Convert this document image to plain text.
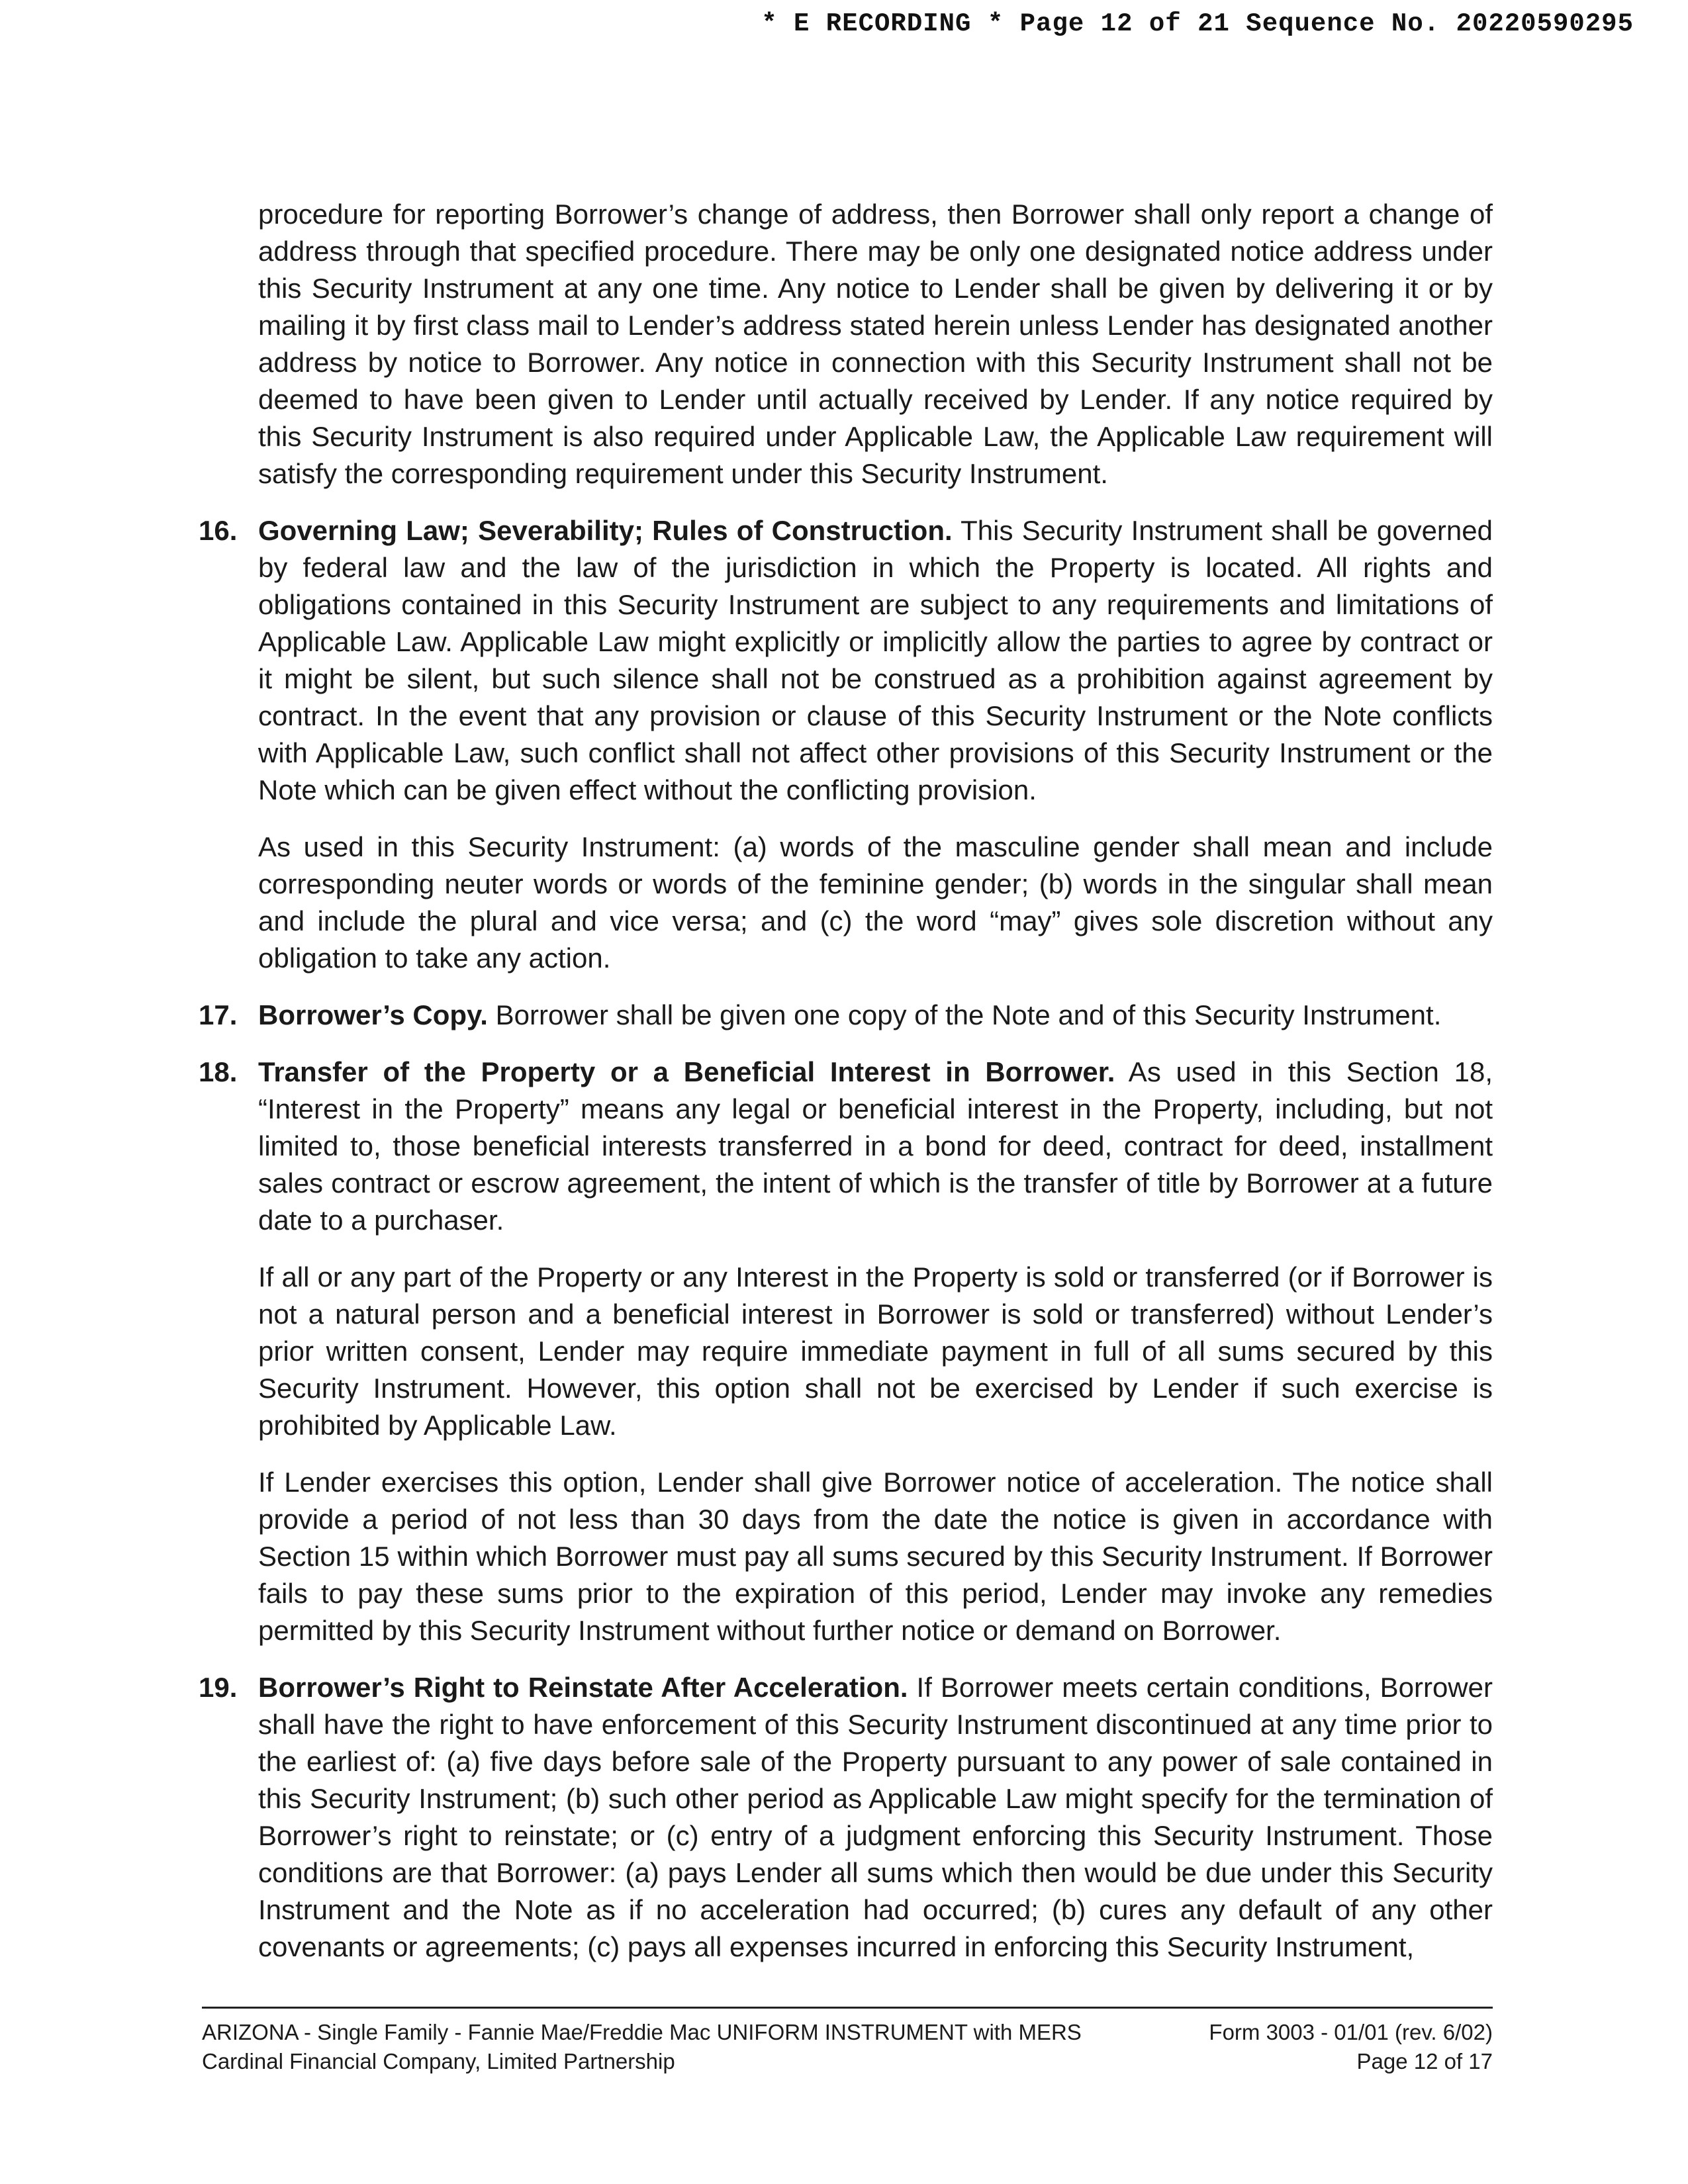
* E RECORDING * Page 12 of 21 Sequence No. 20220590295

procedure for reporting Borrower’s change of address, then Borrower shall only report a change of address through that specified procedure. There may be only one designated notice address under this Security Instrument at any one time. Any notice to Lender shall be given by delivering it or by mailing it by first class mail to Lender’s address stated herein unless Lender has designated another address by notice to Borrower. Any notice in connection with this Security Instrument shall not be deemed to have been given to Lender until actually received by Lender. If any notice required by this Security Instrument is also required under Applicable Law, the Applicable Law requirement will satisfy the corresponding requirement under this Security Instrument.

16. Governing Law; Severability; Rules of Construction. This Security Instrument shall be governed by federal law and the law of the jurisdiction in which the Property is located. All rights and obligations contained in this Security Instrument are subject to any requirements and limitations of Applicable Law. Applicable Law might explicitly or implicitly allow the parties to agree by contract or it might be silent, but such silence shall not be construed as a prohibition against agreement by contract. In the event that any provision or clause of this Security Instrument or the Note conflicts with Applicable Law, such conflict shall not affect other provisions of this Security Instrument or the Note which can be given effect without the conflicting provision.

As used in this Security Instrument: (a) words of the masculine gender shall mean and include corresponding neuter words or words of the feminine gender; (b) words in the singular shall mean and include the plural and vice versa; and (c) the word “may” gives sole discretion without any obligation to take any action.

17. Borrower’s Copy. Borrower shall be given one copy of the Note and of this Security Instrument.
18. Transfer of the Property or a Beneficial Interest in Borrower. As used in this Section 18, “Interest in the Property” means any legal or beneficial interest in the Property, including, but not limited to, those beneficial interests transferred in a bond for deed, contract for deed, installment sales contract or escrow agreement, the intent of which is the transfer of title by Borrower at a future date to a purchaser.

If all or any part of the Property or any Interest in the Property is sold or transferred (or if Borrower is not a natural person and a beneficial interest in Borrower is sold or transferred) without Lender’s prior written consent, Lender may require immediate payment in full of all sums secured by this Security Instrument. However, this option shall not be exercised by Lender if such exercise is prohibited by Applicable Law.

If Lender exercises this option, Lender shall give Borrower notice of acceleration. The notice shall provide a period of not less than 30 days from the date the notice is given in accordance with Section 15 within which Borrower must pay all sums secured by this Security Instrument. If Borrower fails to pay these sums prior to the expiration of this period, Lender may invoke any remedies permitted by this Security Instrument without further notice or demand on Borrower.

19. Borrower’s Right to Reinstate After Acceleration. If Borrower meets certain conditions, Borrower shall have the right to have enforcement of this Security Instrument discontinued at any time prior to the earliest of: (a) five days before sale of the Property pursuant to any power of sale contained in this Security Instrument; (b) such other period as Applicable Law might specify for the termination of Borrower’s right to reinstate; or (c) entry of a judgment enforcing this Security Instrument. Those conditions are that Borrower: (a) pays Lender all sums which then would be due under this Security Instrument and the Note as if no acceleration had occurred; (b) cures any default of any other covenants or agreements; (c) pays all expenses incurred in enforcing this Security Instrument,
ARIZONA - Single Family - Fannie Mae/Freddie Mac UNIFORM INSTRUMENT with MERS	Form 3003 - 01/01 (rev. 6/02)
Cardinal Financial Company, Limited Partnership	Page 12 of 17
